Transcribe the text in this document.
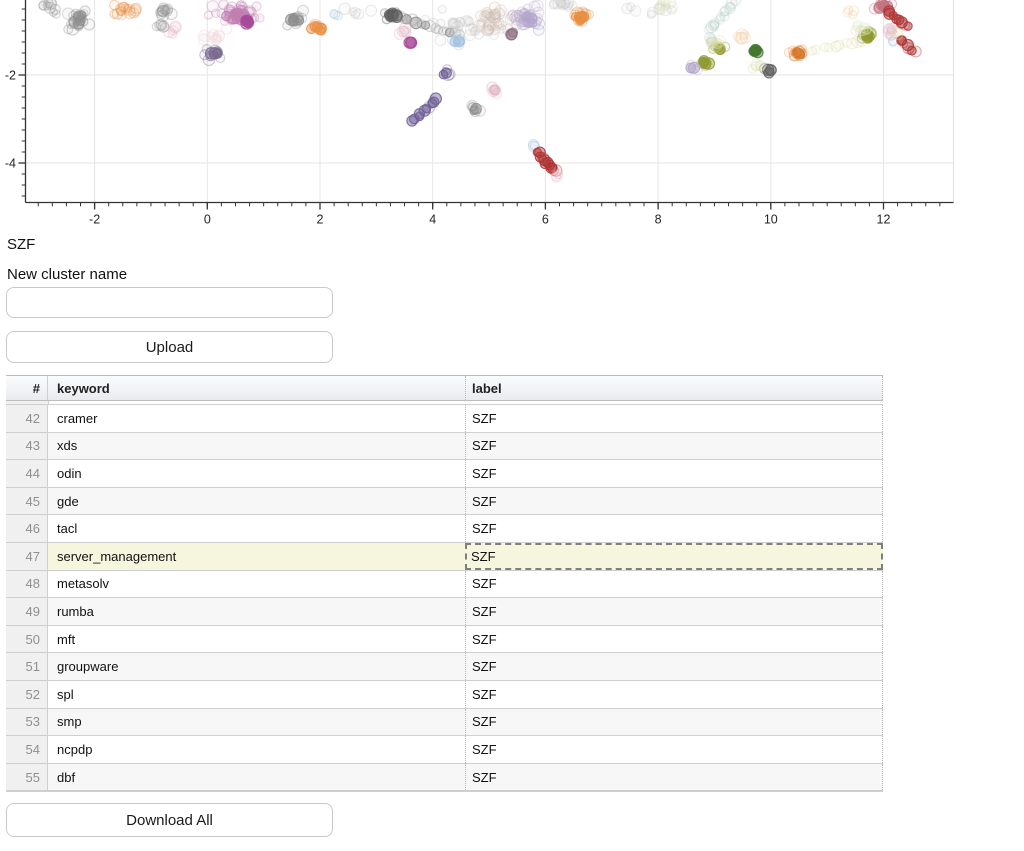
-2	0	2	4	6	8	10	12
-2
-4
SZF
New cluster name
Upload
#	keyword	label
42	cramer	SZF
43	xds	SZF
44	odin	SZF
45	gde	SZF
46	tacl	SZF
47	server_management	SZF
48	metasolv	SZF
49	rumba	SZF
50	mft	SZF
51	groupware	SZF
52	spl	SZF
53	smp	SZF
54	ncpdp	SZF
55	dbf	SZF
Download All
